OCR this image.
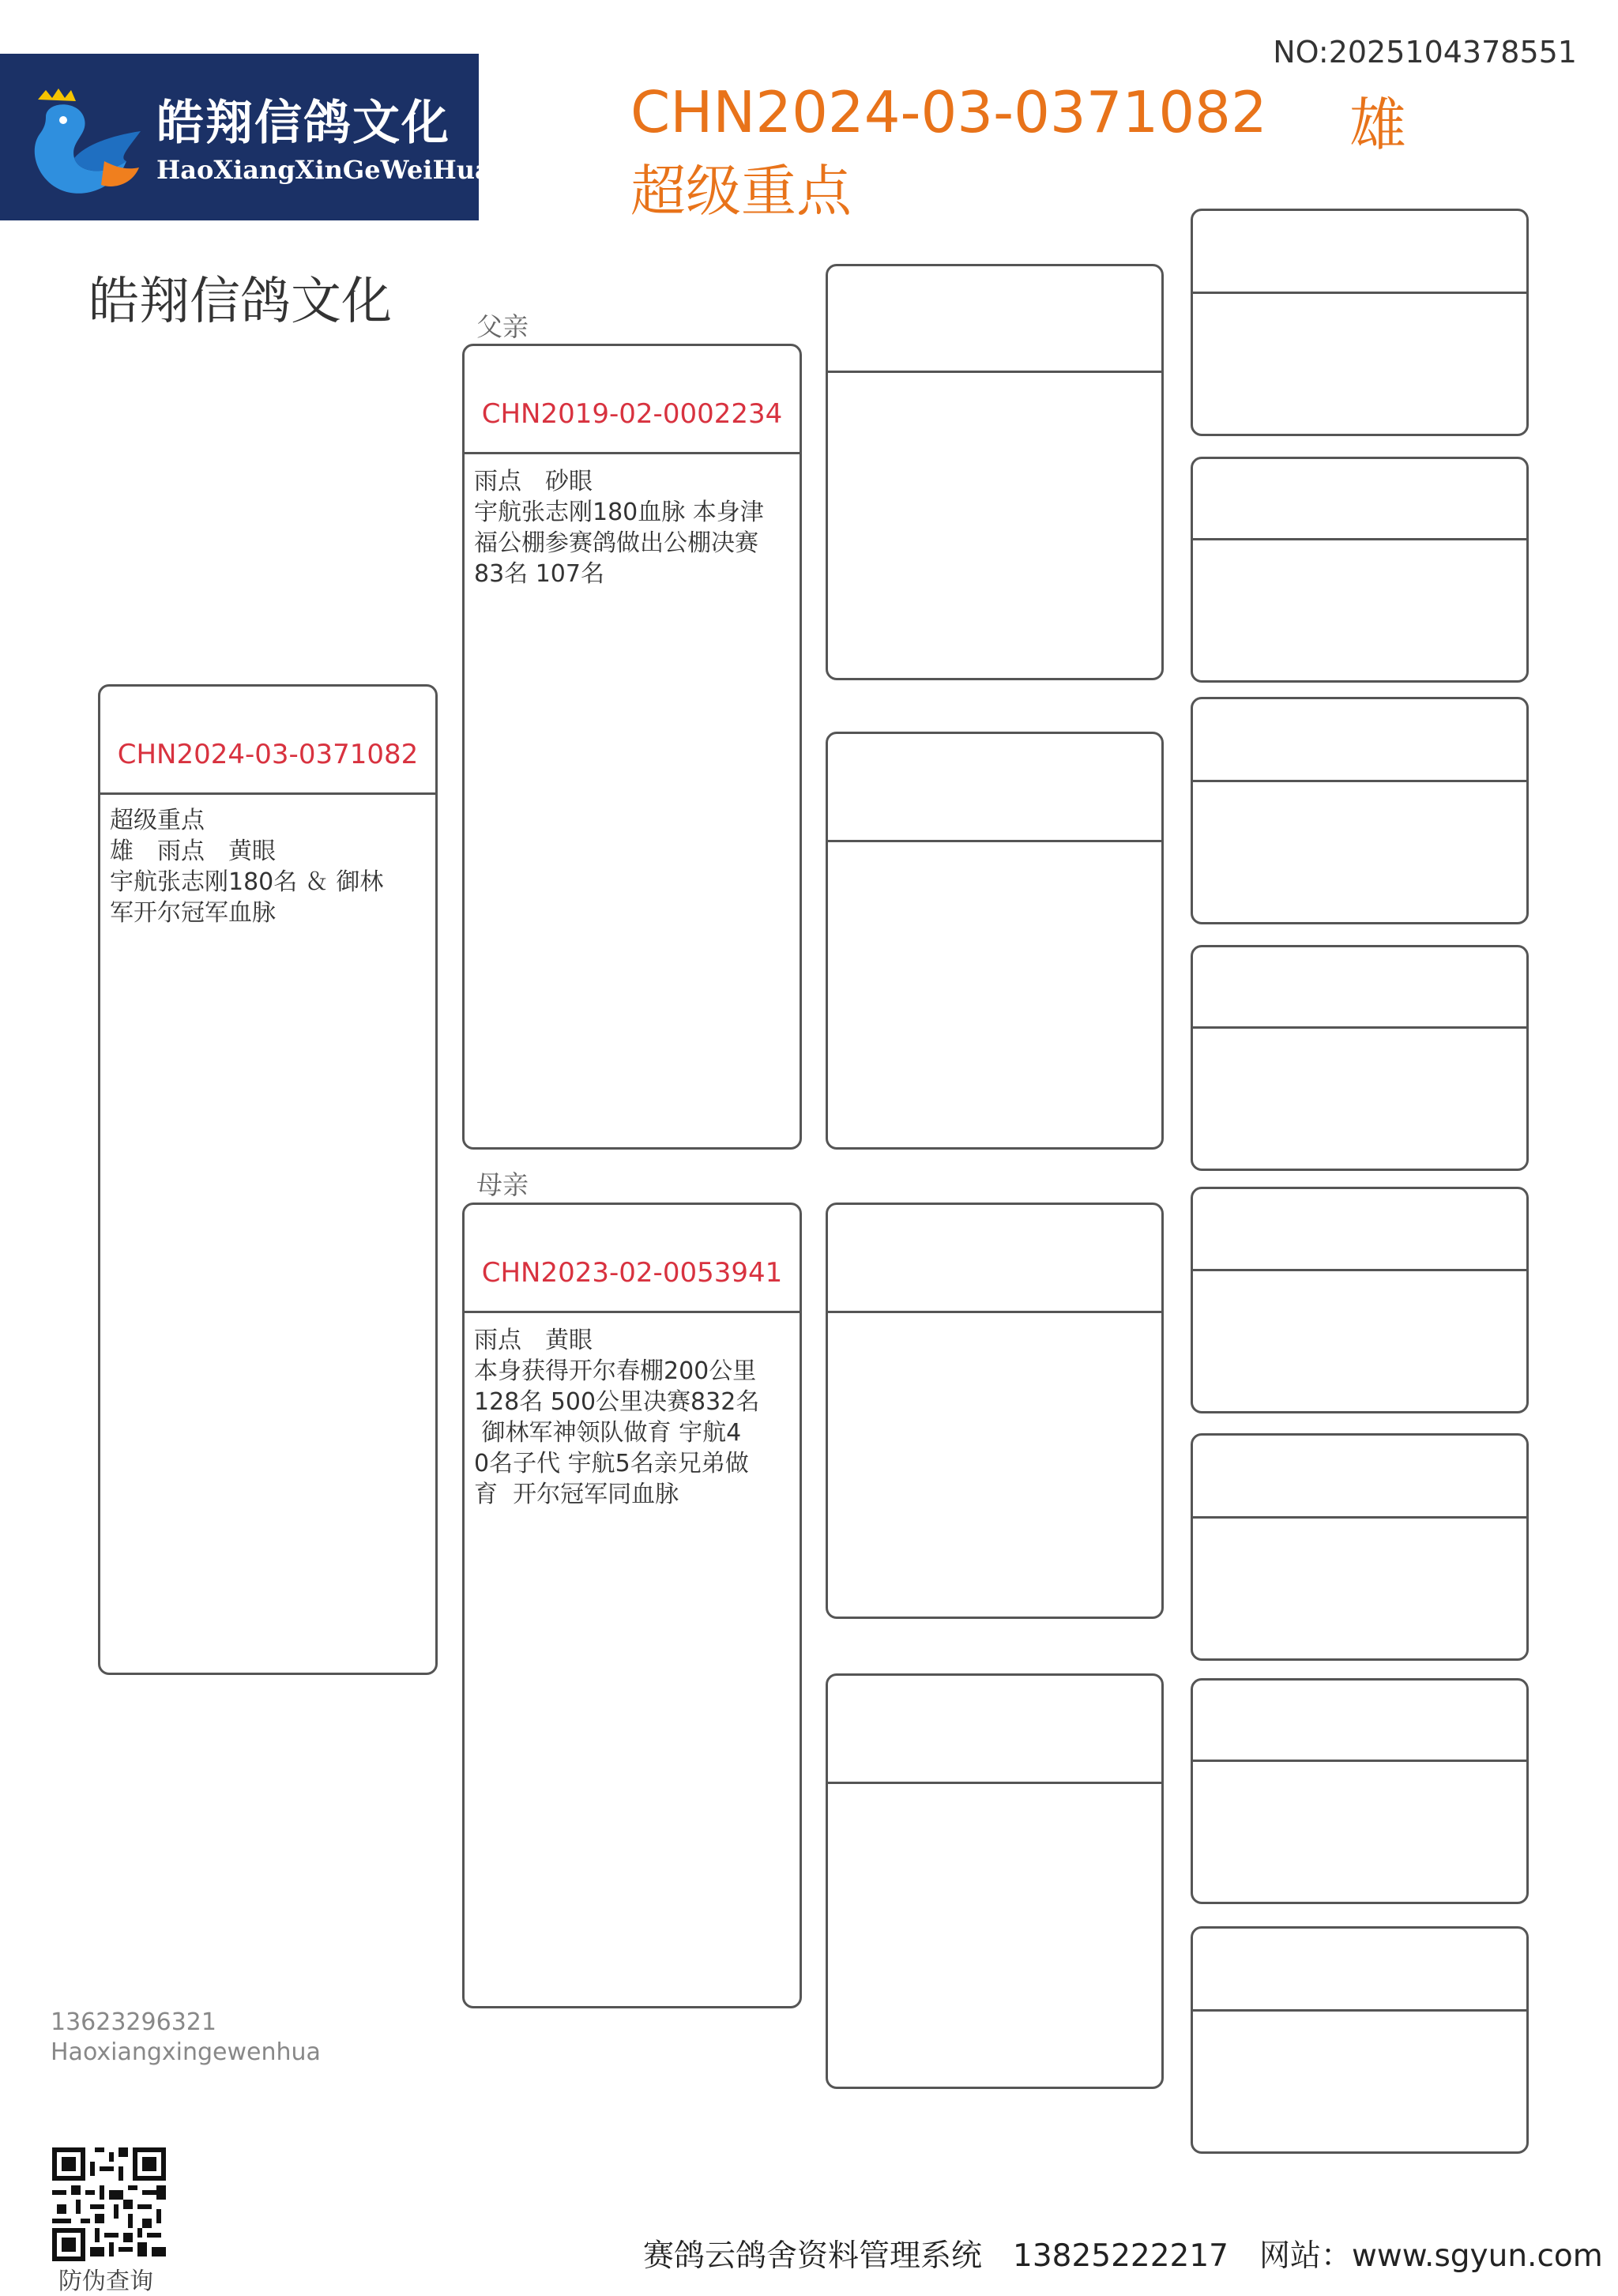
皓翔信鸽文化
HaoXiangXinGeWeiHua
NO:2025104378551
CHN2024-03-0371082 雄
超级重点
皓翔信鸽文化
CHN2024-03-0371082
超级重点
雄　雨点　黄眼
宇航张志刚180名 ＆ 御林
军开尔冠军血脉
父亲
CHN2019-02-0002234
雨点　砂眼
宇航张志刚180血脉 本身津
福公棚参赛鸽做出公棚决赛
83名 107名
母亲
CHN2023-02-0053941
雨点　黄眼
本身获得开尔春棚200公里
128名 500公里决赛832名
御林军神领队做育 宇航4
0名子代 宇航5名亲兄弟做
育  开尔冠军同血脉
13623296321
Haoxiangxingewenhua
防伪查询
赛鸽云鸽舍资料管理系统　13825222217　网站：www.sgyun.com
